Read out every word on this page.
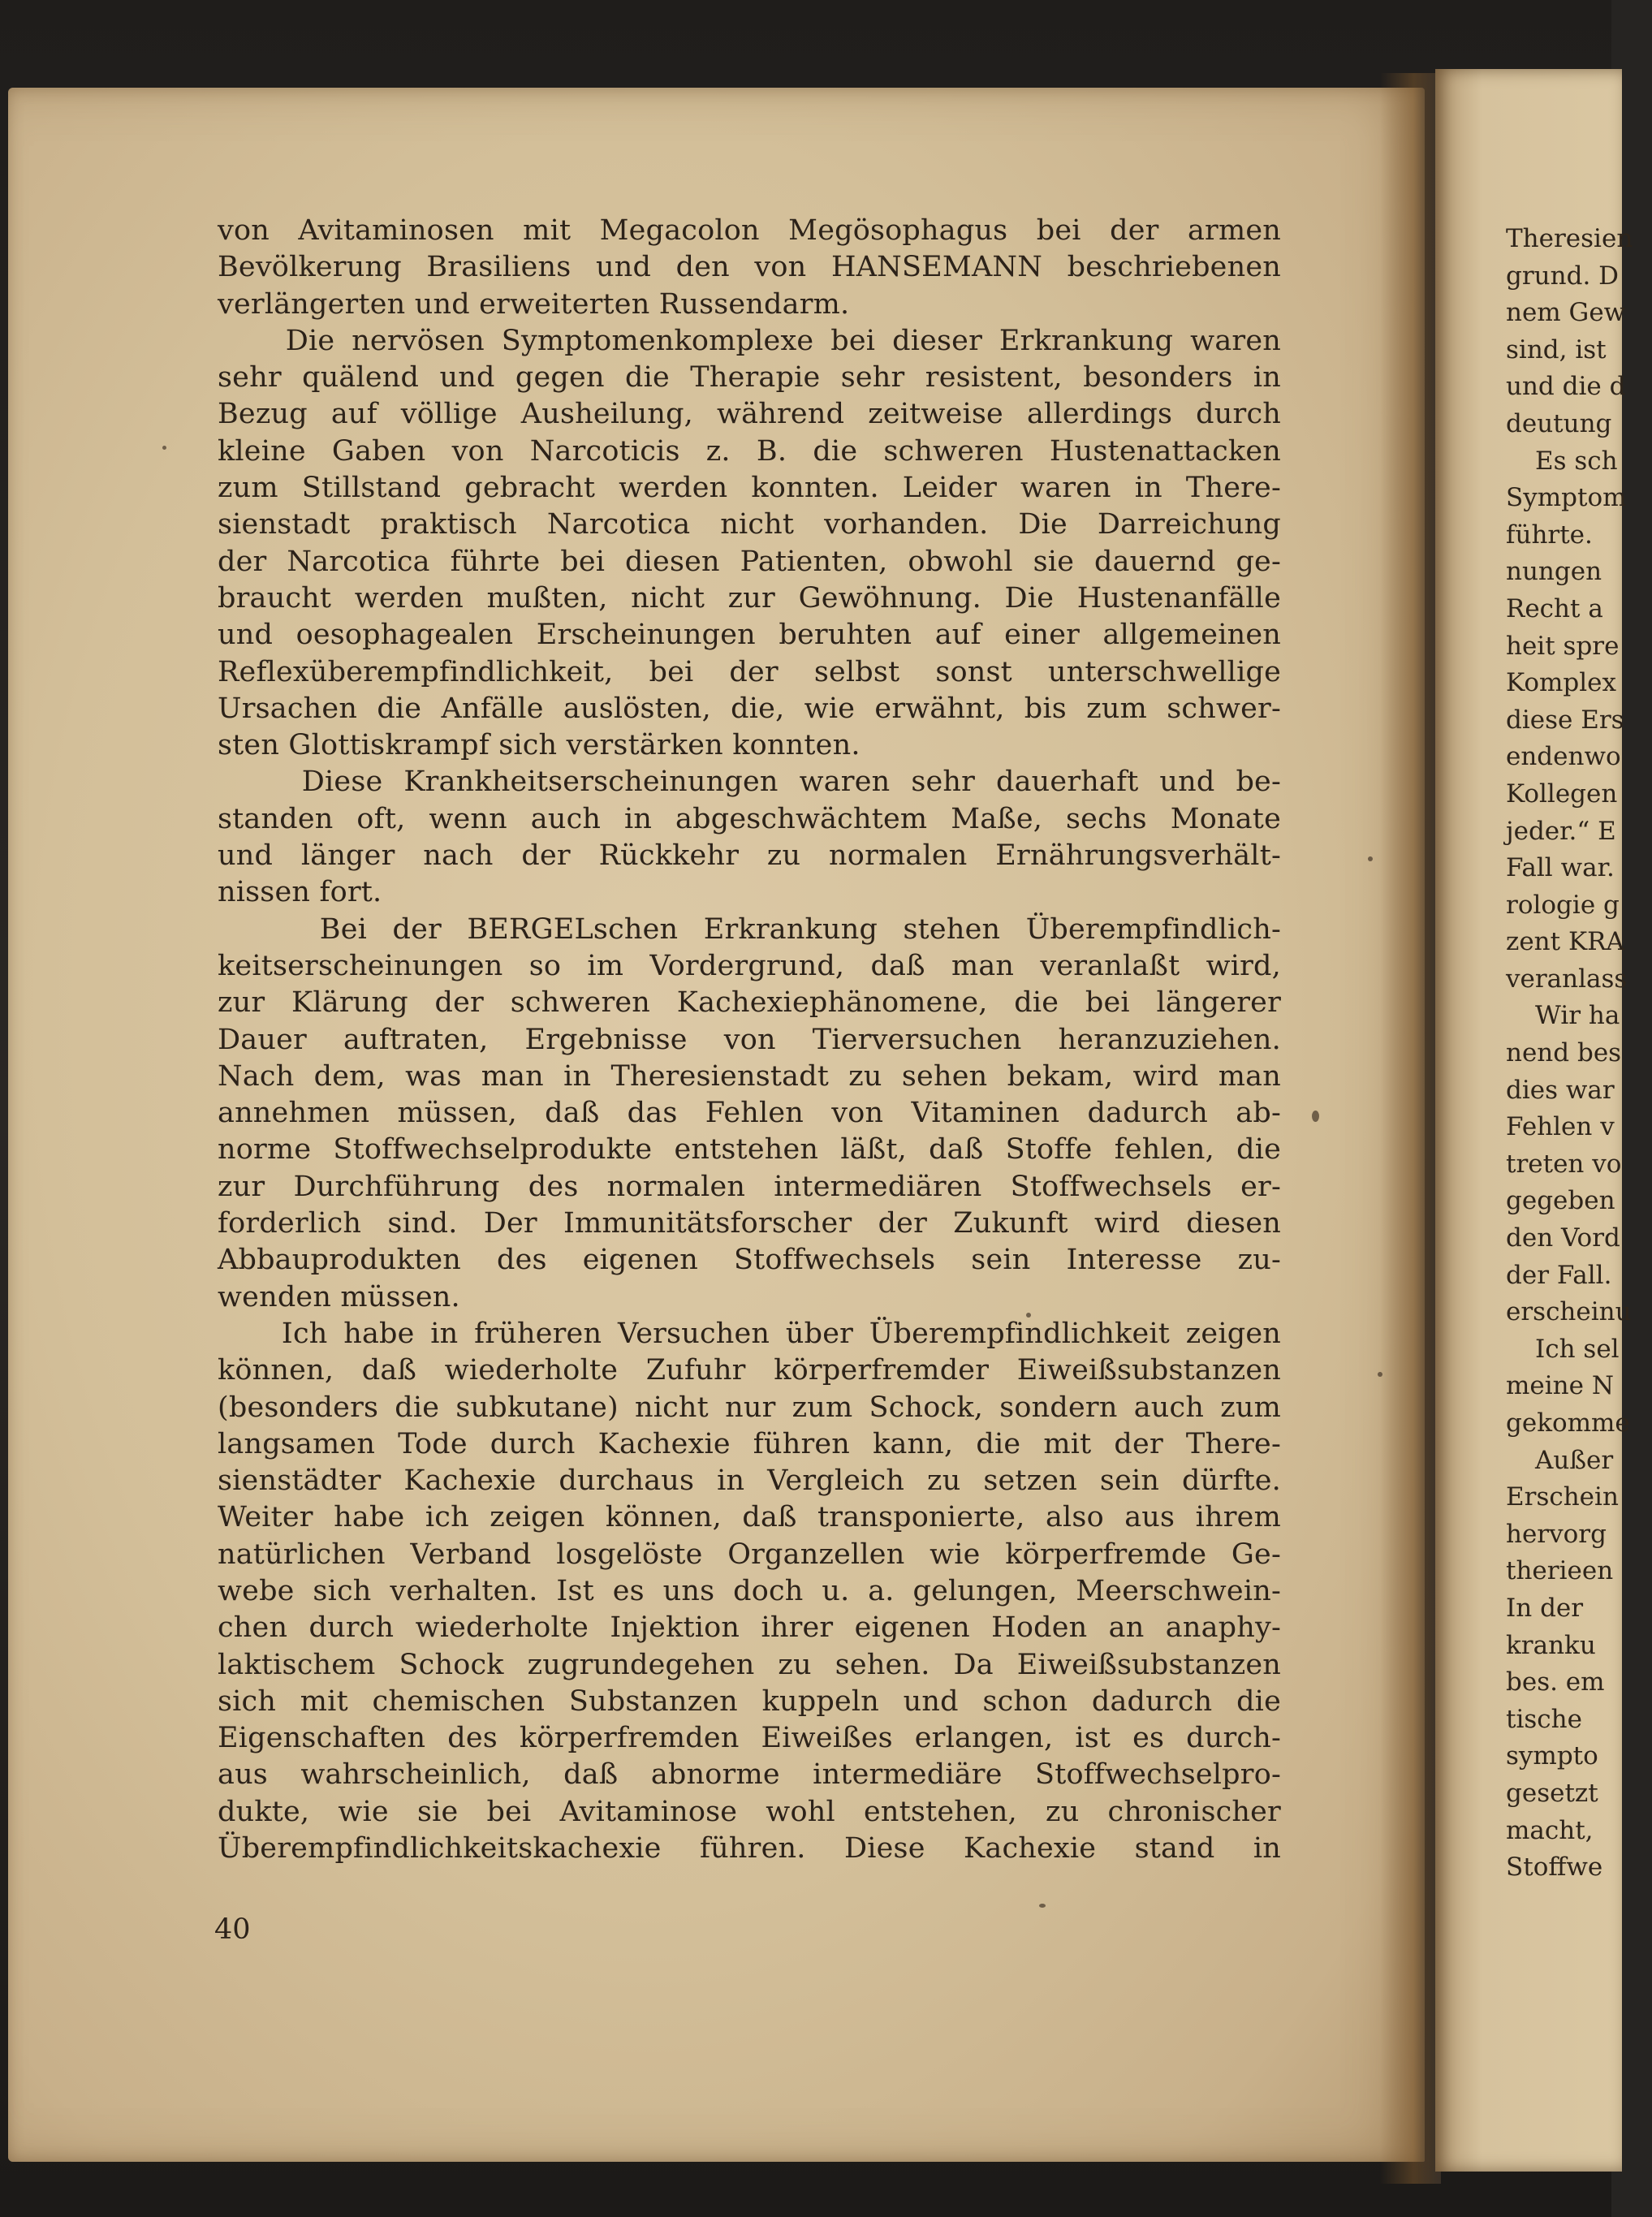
von Avitaminosen mit Megacolon Megösophagus bei der armen
Bevölkerung Brasiliens und den von HANSEMANN beschriebenen
verlängerten und erweiterten Russendarm.
Die nervösen Symptomenkomplexe bei dieser Erkrankung waren
sehr quälend und gegen die Therapie sehr resistent, besonders in
Bezug auf völlige Ausheilung, während zeitweise allerdings durch
kleine Gaben von Narcoticis z. B. die schweren Hustenattacken
zum Stillstand gebracht werden konnten. Leider waren in There-
sienstadt praktisch Narcotica nicht vorhanden. Die Darreichung
der Narcotica führte bei diesen Patienten, obwohl sie dauernd ge-
braucht werden mußten, nicht zur Gewöhnung. Die Hustenanfälle
und oesophagealen Erscheinungen beruhten auf einer allgemeinen
Reflexüberempfindlichkeit, bei der selbst sonst unterschwellige
Ursachen die Anfälle auslösten, die, wie erwähnt, bis zum schwer-
sten Glottiskrampf sich verstärken konnten.
Diese Krankheitserscheinungen waren sehr dauerhaft und be-
standen oft, wenn auch in abgeschwächtem Maße, sechs Monate
und länger nach der Rückkehr zu normalen Ernährungsverhält-
nissen fort.
Bei der BERGELschen Erkrankung stehen Überempfindlich-
keitserscheinungen so im Vordergrund, daß man veranlaßt wird,
zur Klärung der schweren Kachexiephänomene, die bei längerer
Dauer auftraten, Ergebnisse von Tierversuchen heranzuziehen.
Nach dem, was man in Theresienstadt zu sehen bekam, wird man
annehmen müssen, daß das Fehlen von Vitaminen dadurch ab-
norme Stoffwechselprodukte entstehen läßt, daß Stoffe fehlen, die
zur Durchführung des normalen intermediären Stoffwechsels er-
forderlich sind. Der Immunitätsforscher der Zukunft wird diesen
Abbauprodukten des eigenen Stoffwechsels sein Interesse zu-
wenden müssen.
Ich habe in früheren Versuchen über Überempfindlichkeit zeigen
können, daß wiederholte Zufuhr körperfremder Eiweißsubstanzen
(besonders die subkutane) nicht nur zum Schock, sondern auch zum
langsamen Tode durch Kachexie führen kann, die mit der There-
sienstädter Kachexie durchaus in Vergleich zu setzen sein dürfte.
Weiter habe ich zeigen können, daß transponierte, also aus ihrem
natürlichen Verband losgelöste Organzellen wie körperfremde Ge-
webe sich verhalten. Ist es uns doch u. a. gelungen, Meerschwein-
chen durch wiederholte Injektion ihrer eigenen Hoden an anaphy-
laktischem Schock zugrundegehen zu sehen. Da Eiweißsubstanzen
sich mit chemischen Substanzen kuppeln und schon dadurch die
Eigenschaften des körperfremden Eiweißes erlangen, ist es durch-
aus wahrscheinlich, daß abnorme intermediäre Stoffwechselpro-
dukte, wie sie bei Avitaminose wohl entstehen, zu chronischer
Überempfindlichkeitskachexie führen. Diese Kachexie stand in
40
Theresien
grund. D
nem Gew
sind, ist
und die d
deutung
Es sch
Symptom
führte.
nungen
Recht a
heit spre
Komplex
diese Ers
endenwo
Kollegen
jeder.“ E
Fall war.
rologie g
zent KRA
veranlass
Wir ha
nend bes
dies war
Fehlen v
treten vo
gegeben
den Vord
der Fall.
erscheinu
Ich sel
meine N
gekomme
Außer
Erschein
hervorg
therieen
In der
kranku
bes. em
tische
sympto
gesetzt
macht,
Stoffwe
